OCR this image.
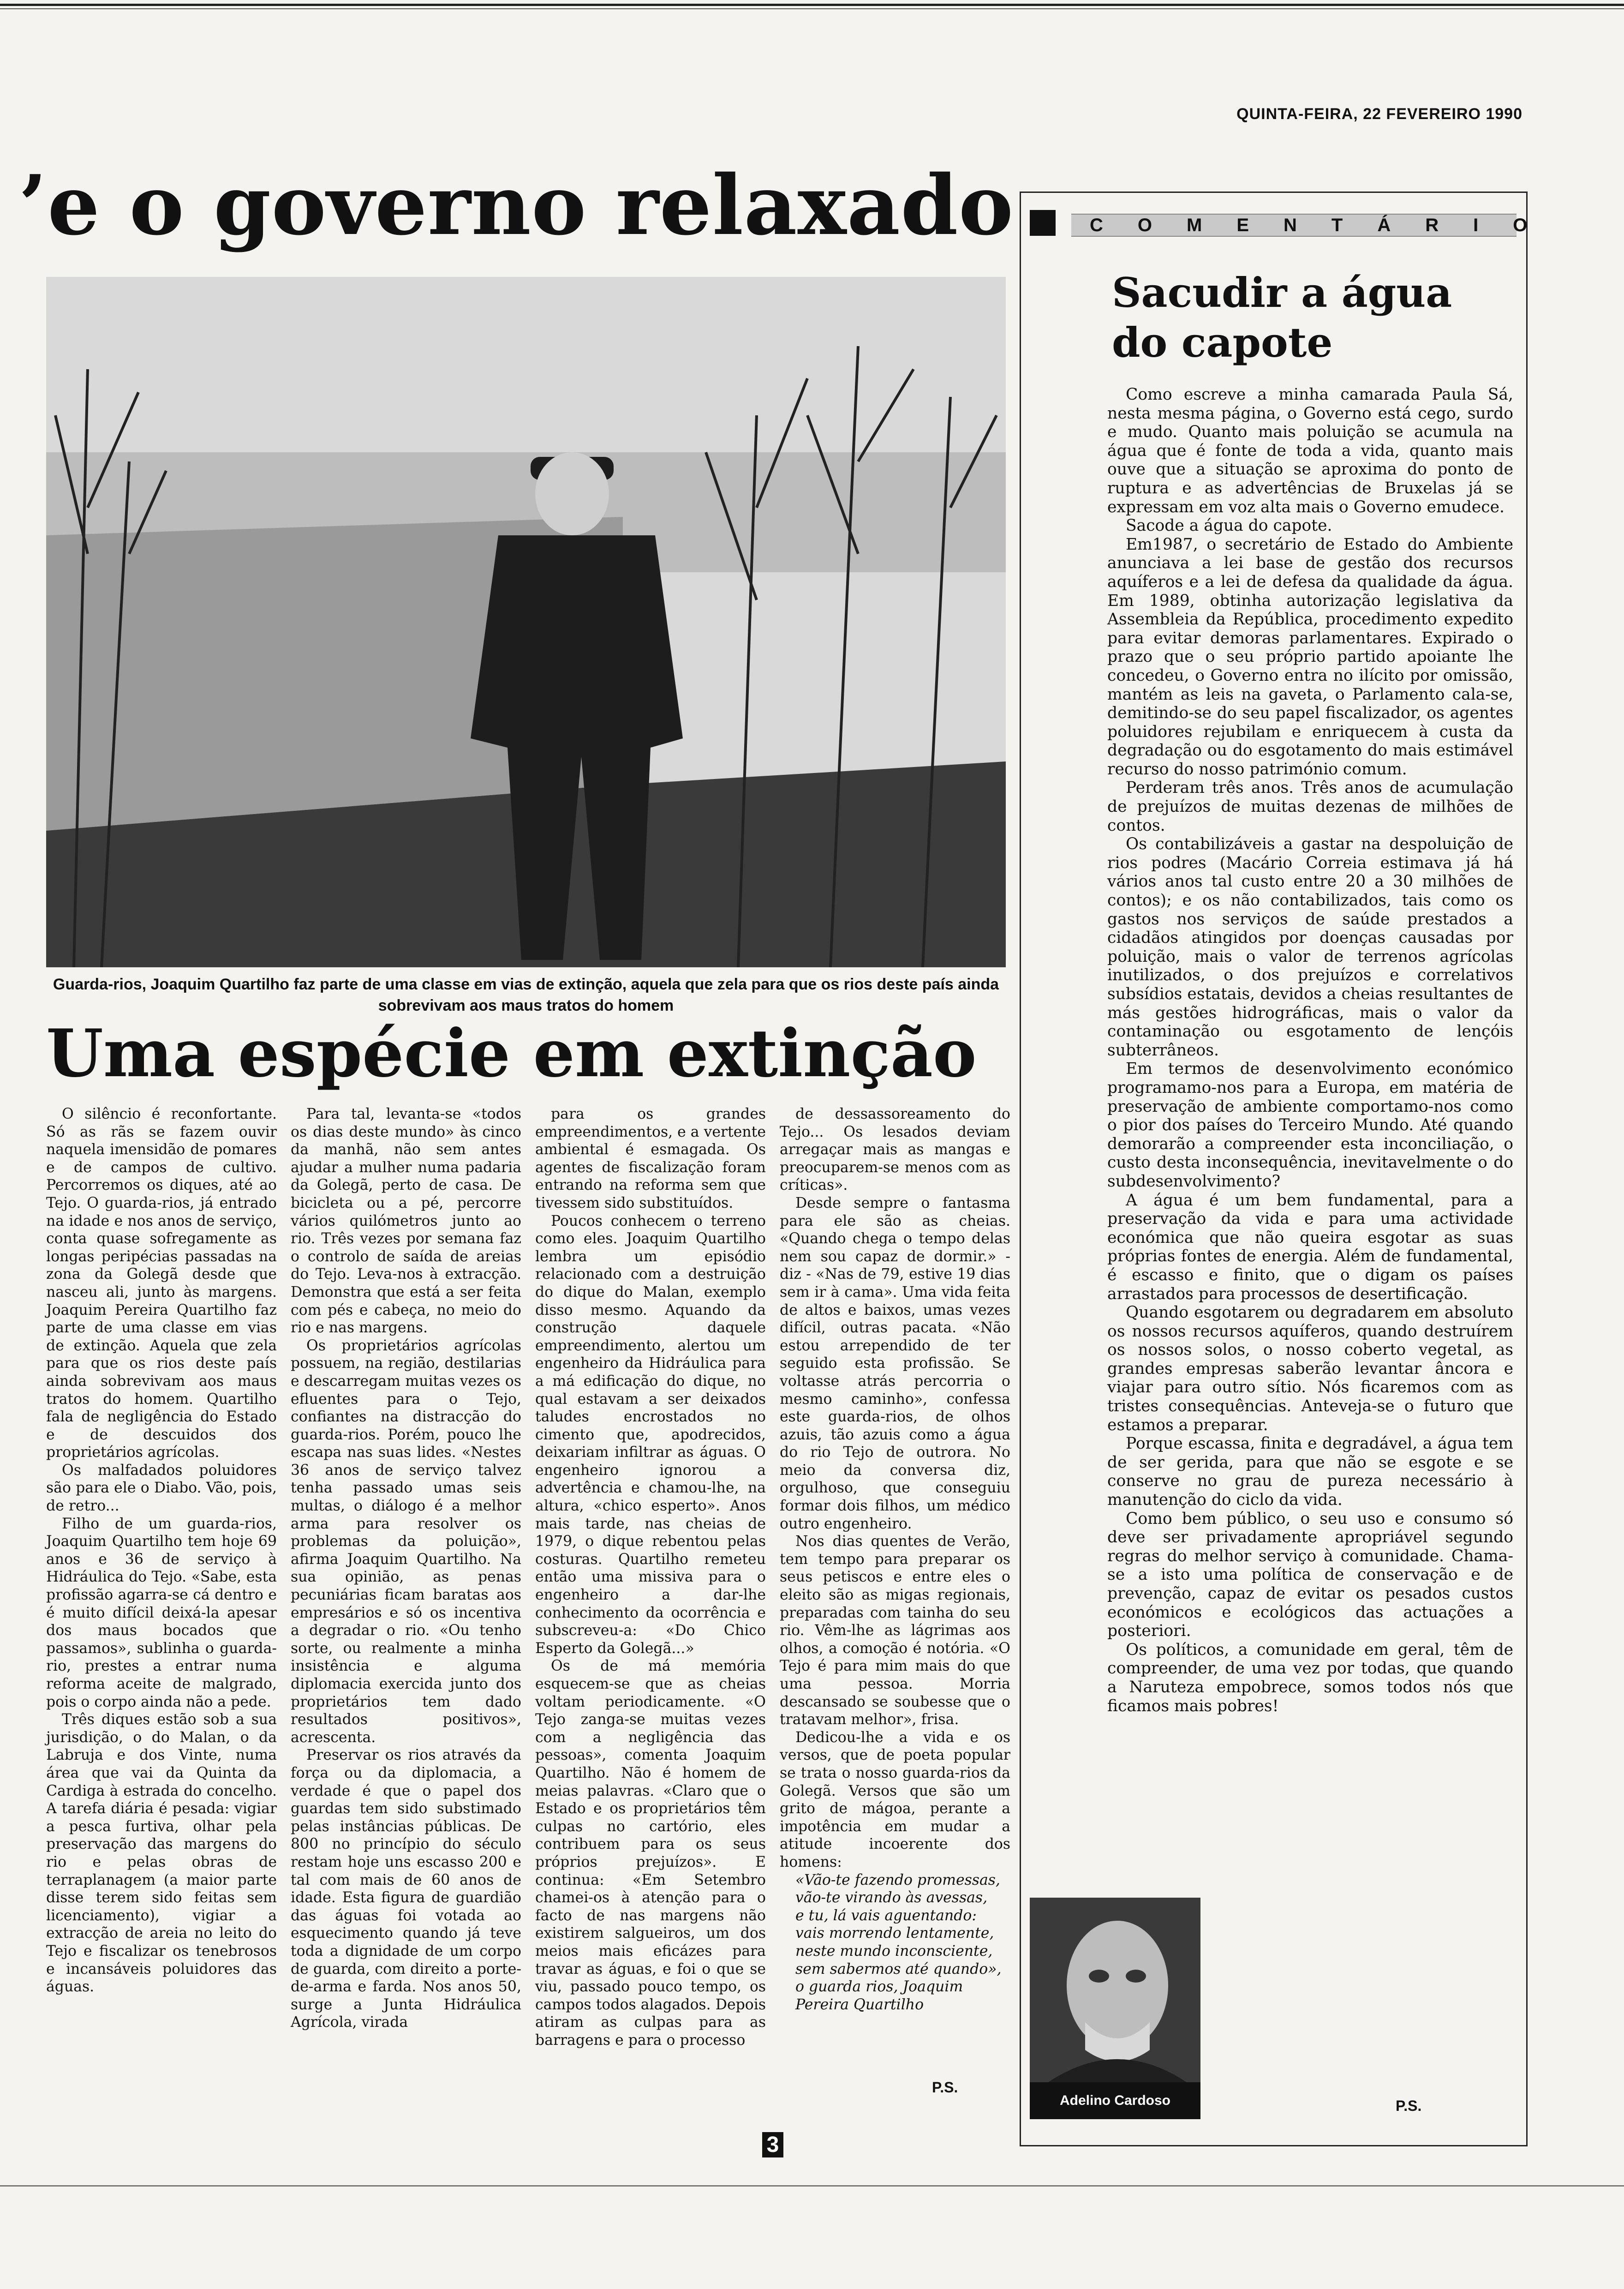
QUINTA-FEIRA, 22 FEVEREIRO 1990
’e o governo relaxado
Guarda-rios, Joaquim Quartilho faz parte de uma classe em vias de extinção, aquela que zela para que os rios deste país ainda sobrevivam aos maus tratos do homem
Uma espécie em extinção

O silêncio é reconfortante. Só as rãs se fazem ouvir naquela imensidão de pomares e de campos de cultivo. Percorremos os diques, até ao Tejo. O guarda-rios, já entrado na idade e nos anos de serviço, conta quase sofregamente as longas peripécias passadas na zona da Golegã desde que nasceu ali, junto às margens. Joaquim Pereira Quartilho faz parte de uma classe em vias de extinção. Aquela que zela para que os rios deste país ainda sobrevivam aos maus tratos do homem. Quartilho fala de negligência do Estado e de descuidos dos proprietários agrícolas.

Os malfadados poluidores são para ele o Diabo. Vão, pois, de retro...

Filho de um guarda-rios, Joaquim Quartilho tem hoje 69 anos e 36 de serviço à Hidráulica do Tejo. «Sabe, esta profissão agarra-se cá dentro e é muito difícil deixá-la apesar dos maus bocados que passamos», sublinha o guarda-rio, prestes a entrar numa reforma aceite de malgrado, pois o corpo ainda não a pede.

Três diques estão sob a sua jurisdição, o do Malan, o da Labruja e dos Vinte, numa área que vai da Quinta da Cardiga à estrada do concelho. A tarefa diária é pesada: vigiar a pesca furtiva, olhar pela preservação das margens do rio e pelas obras de terraplanagem (a maior parte disse terem sido feitas sem licenciamento), vigiar a extracção de areia no leito do Tejo e fiscalizar os tenebrosos e incansáveis poluidores das águas.

Para tal, levanta-se «todos os dias deste mundo» às cinco da manhã, não sem antes ajudar a mulher numa padaria da Golegã, perto de casa. De bicicleta ou a pé, percorre vários quilómetros junto ao rio. Três vezes por semana faz o controlo de saída de areias do Tejo. Leva-nos à extracção. Demonstra que está a ser feita com pés e cabeça, no meio do rio e nas margens.

Os proprietários agrícolas possuem, na região, destilarias e descarregam muitas vezes os efluentes para o Tejo, confiantes na distracção do guarda-rios. Porém, pouco lhe escapa nas suas lides. «Nestes 36 anos de serviço talvez tenha passado umas seis multas, o diálogo é a melhor arma para resolver os problemas da poluição», afirma Joaquim Quartilho. Na sua opinião, as penas pecuniárias ficam baratas aos empresários e só os incentiva a degradar o rio. «Ou tenho sorte, ou realmente a minha insistência e alguma diplomacia exercida junto dos proprietários tem dado resultados positivos», acrescenta.

Preservar os rios através da força ou da diplomacia, a verdade é que o papel dos guardas tem sido substimado pelas instâncias públicas. De 800 no princípio do século restam hoje uns escasso 200 e tal com mais de 60 anos de idade. Esta figura de guardião das águas foi votada ao esquecimento quando já teve toda a dignidade de um corpo de guarda, com direito a porte-de-arma e farda. Nos anos 50, surge a Junta Hidráulica Agrícola, virada

para os grandes empreendimentos, e a vertente ambiental é esmagada. Os agentes de fiscalização foram entrando na reforma sem que tivessem sido substituídos.

Poucos conhecem o terreno como eles. Joaquim Quartilho lembra um episódio relacionado com a destruição do dique do Malan, exemplo disso mesmo. Aquando da construção daquele empreendimento, alertou um engenheiro da Hidráulica para a má edificação do dique, no qual estavam a ser deixados taludes encrostados no cimento que, apodrecidos, deixariam infiltrar as águas. O engenheiro ignorou a advertência e chamou-lhe, na altura, «chico esperto». Anos mais tarde, nas cheias de 1979, o dique rebentou pelas costuras. Quartilho remeteu então uma missiva para o engenheiro a dar-lhe conhecimento da ocorrência e subscreveu-a: «Do Chico Esperto da Golegã...»

Os de má memória esquecem-se que as cheias voltam periodicamente. «O Tejo zanga-se muitas vezes com a negligência das pessoas», comenta Joaquim Quartilho. Não é homem de meias palavras. «Claro que o Estado e os proprietários têm culpas no cartório, eles contribuem para os seus próprios prejuízos». E continua: «Em Setembro chamei-os à atenção para o facto de nas margens não existirem salgueiros, um dos meios mais eficázes para travar as águas, e foi o que se viu, passado pouco tempo, os campos todos alagados. Depois atiram as culpas para as barragens e para o processo

de dessassoreamento do Tejo... Os lesados deviam arregaçar mais as mangas e preocuparem-se menos com as críticas».

Desde sempre o fantasma para ele são as cheias. «Quando chega o tempo delas nem sou capaz de dormir.» - diz - «Nas de 79, estive 19 dias sem ir à cama». Uma vida feita de altos e baixos, umas vezes difícil, outras pacata. «Não estou arrependido de ter seguido esta profissão. Se voltasse atrás percorria o mesmo caminho», confessa este guarda-rios, de olhos azuis, tão azuis como a água do rio Tejo de outrora. No meio da conversa diz, orgulhoso, que conseguiu formar dois filhos, um médico outro engenheiro.

Nos dias quentes de Verão, tem tempo para preparar os seus petiscos e entre eles o eleito são as migas regionais, preparadas com tainha do seu rio. Vêm-lhe as lágrimas aos olhos, a comoção é notória. «O Tejo é para mim mais do que uma pessoa. Morria descansado se soubesse que o tratavam melhor», frisa.

Dedicou-lhe a vida e os versos, que de poeta popular se trata o nosso guarda-rios da Golegã. Versos que são um grito de mágoa, perante a impotência em mudar a atitude incoerente dos homens:

«Vão-te fazendo promessas,

vão-te virando às avessas,

e tu, lá vais aguentando:

vais morrendo lentamente,

neste mundo inconsciente,

sem sabermos até quando»,

o guarda rios, Joaquim

Pereira Quartilho

P.S.
COMENTÁRIO
Sacudir a água do capote

Como escreve a minha camarada Paula Sá, nesta mesma página, o Governo está cego, surdo e mudo. Quanto mais poluição se acumula na água que é fonte de toda a vida, quanto mais ouve que a situação se aproxima do ponto de ruptura e as advertências de Bruxelas já se expressam em voz alta mais o Governo emudece.

Sacode a água do capote.

Em1987, o secretário de Estado do Ambiente anunciava a lei base de gestão dos recursos aquíferos e a lei de defesa da qualidade da água. Em 1989, obtinha autorização legislativa da Assembleia da República, procedimento expedito para evitar demoras parlamentares. Expirado o prazo que o seu próprio partido apoiante lhe concedeu, o Governo entra no ilícito por omissão, mantém as leis na gaveta, o Parlamento cala-se, demitindo-se do seu papel fiscalizador, os agentes poluidores rejubilam e enriquecem à custa da degradação ou do esgotamento do mais estimável recurso do nosso património comum.

Perderam três anos. Três anos de acumulação de prejuízos de muitas dezenas de milhões de contos.

Os contabilizáveis a gastar na despoluição de rios podres (Macário Correia estimava já há vários anos tal custo entre 20 a 30 milhões de contos); e os não contabilizados, tais como os gastos nos serviços de saúde prestados a cidadãos atingidos por doenças causadas por poluição, mais o valor de terrenos agrícolas inutilizados, o dos prejuízos e correlativos subsídios estatais, devidos a cheias resultantes de más gestões hidrográficas, mais o valor da contaminação ou esgotamento de lençóis subterrâneos.

Em termos de desenvolvimento económico programamo-nos para a Europa, em matéria de preservação de ambiente comportamo-nos como o pior dos países do Terceiro Mundo. Até quando demorarão a compreender esta inconciliação, o custo desta inconsequência, inevitavelmente o do subdesenvolvimento?

A água é um bem fundamental, para a preservação da vida e para uma actividade económica que não queira esgotar as suas próprias fontes de energia. Além de fundamental, é escasso e finito, que o digam os países arrastados para processos de desertificação.

Quando esgotarem ou degradarem em absoluto os nossos recursos aquíferos, quando destruírem os nossos solos, o nosso coberto vegetal, as grandes empresas saberão levantar âncora e viajar para outro sítio. Nós ficaremos com as tristes consequências. Anteveja-se o futuro que estamos a preparar.

Porque escassa, finita e degradável, a água tem de ser gerida, para que não se esgote e se conserve no grau de pureza necessário à manutenção do ciclo da vida.

Como bem público, o seu uso e consumo só deve ser privadamente apropriável segundo regras do melhor serviço à comunidade. Chama-se a isto uma política de conservação e de prevenção, capaz de evitar os pesados custos económicos e ecológicos das actuações a posteriori.

Os políticos, a comunidade em geral, têm de compreender, de uma vez por todas, que quando a Naruteza empobrece, somos todos nós que ficamos mais pobres!

Adelino Cardoso	P.S.
3
